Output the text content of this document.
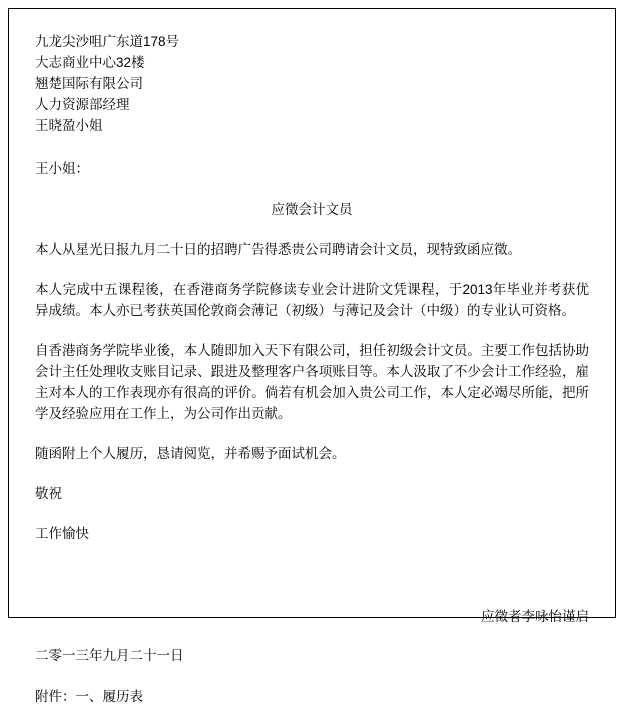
九龙尖沙咀广东道178号
大志商业中心32楼
翘楚国际有限公司
人力资源部经理
王晓盈小姐
王小姐：
应徵会计文员
本人从星光日报九月二十日的招聘广告得悉贵公司聘请会计文员，现特致函应徵。
本人完成中五课程後，在香港商务学院修读专业会计进阶文凭课程，于2013年毕业并考获优异成绩。本人亦已考获英国伦敦商会薄记（初级）与薄记及会计（中级）的专业认可资格。
自香港商务学院毕业後，本人随即加入天下有限公司，担任初级会计文员。主要工作包括协助会计主任处理收支账目记录、跟进及整理客户各项账目等。本人汲取了不少会计工作经验，雇主对本人的工作表现亦有很高的评价。倘若有机会加入贵公司工作，本人定必竭尽所能，把所学及经验应用在工作上，为公司作出贡献。
随函附上个人履历，恳请阅览，并希赐予面试机会。
敬祝
工作愉快
应徵者李咏怡谨启
二零一三年九月二十一日
附件：一、履历表
